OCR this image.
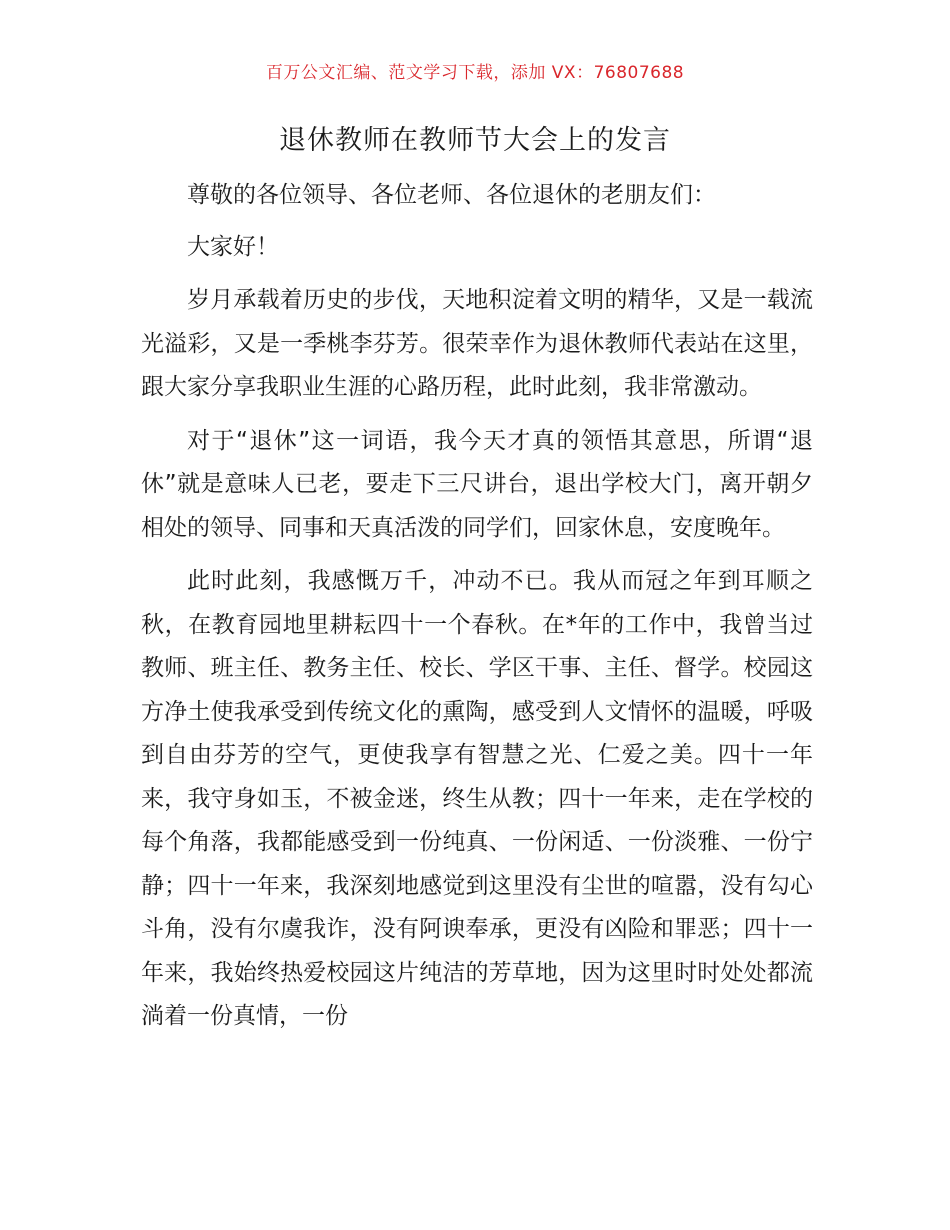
百万公文汇编、范文学习下载，添加 VX：76807688
退休教师在教师节大会上的发言

尊敬的各位领导、各位老师、各位退休的老朋友们：

大家好！

岁月承载着历史的步伐，天地积淀着文明的精华，又是一载流光溢彩，又是一季桃李芬芳。很荣幸作为退休教师代表站在这里，跟大家分享我职业生涯的心路历程，此时此刻，我非常激动。

对于“退休”这一词语，我今天才真的领悟其意思，所谓“退休”就是意味人已老，要走下三尺讲台，退出学校大门，离开朝夕相处的领导、同事和天真活泼的同学们，回家休息，安度晚年。

此时此刻，我感慨万千，冲动不已。我从而冠之年到耳顺之秋，在教育园地里耕耘四十一个春秋。在*年的工作中，我曾当过教师、班主任、教务主任、校长、学区干事、主任、督学。校园这方净土使我承受到传统文化的熏陶，感受到人文情怀的温暖，呼吸到自由芬芳的空气，更使我享有智慧之光、仁爱之美。四十一年来，我守身如玉，不被金迷，终生从教；四十一年来，走在学校的每个角落，我都能感受到一份纯真、一份闲适、一份淡雅、一份宁静；四十一年来，我深刻地感觉到这里没有尘世的喧嚣，没有勾心斗角，没有尔虞我诈，没有阿谀奉承，更没有凶险和罪恶；四十一年来，我始终热爱校园这片纯洁的芳草地，因为这里时时处处都流淌着一份真情，一份
